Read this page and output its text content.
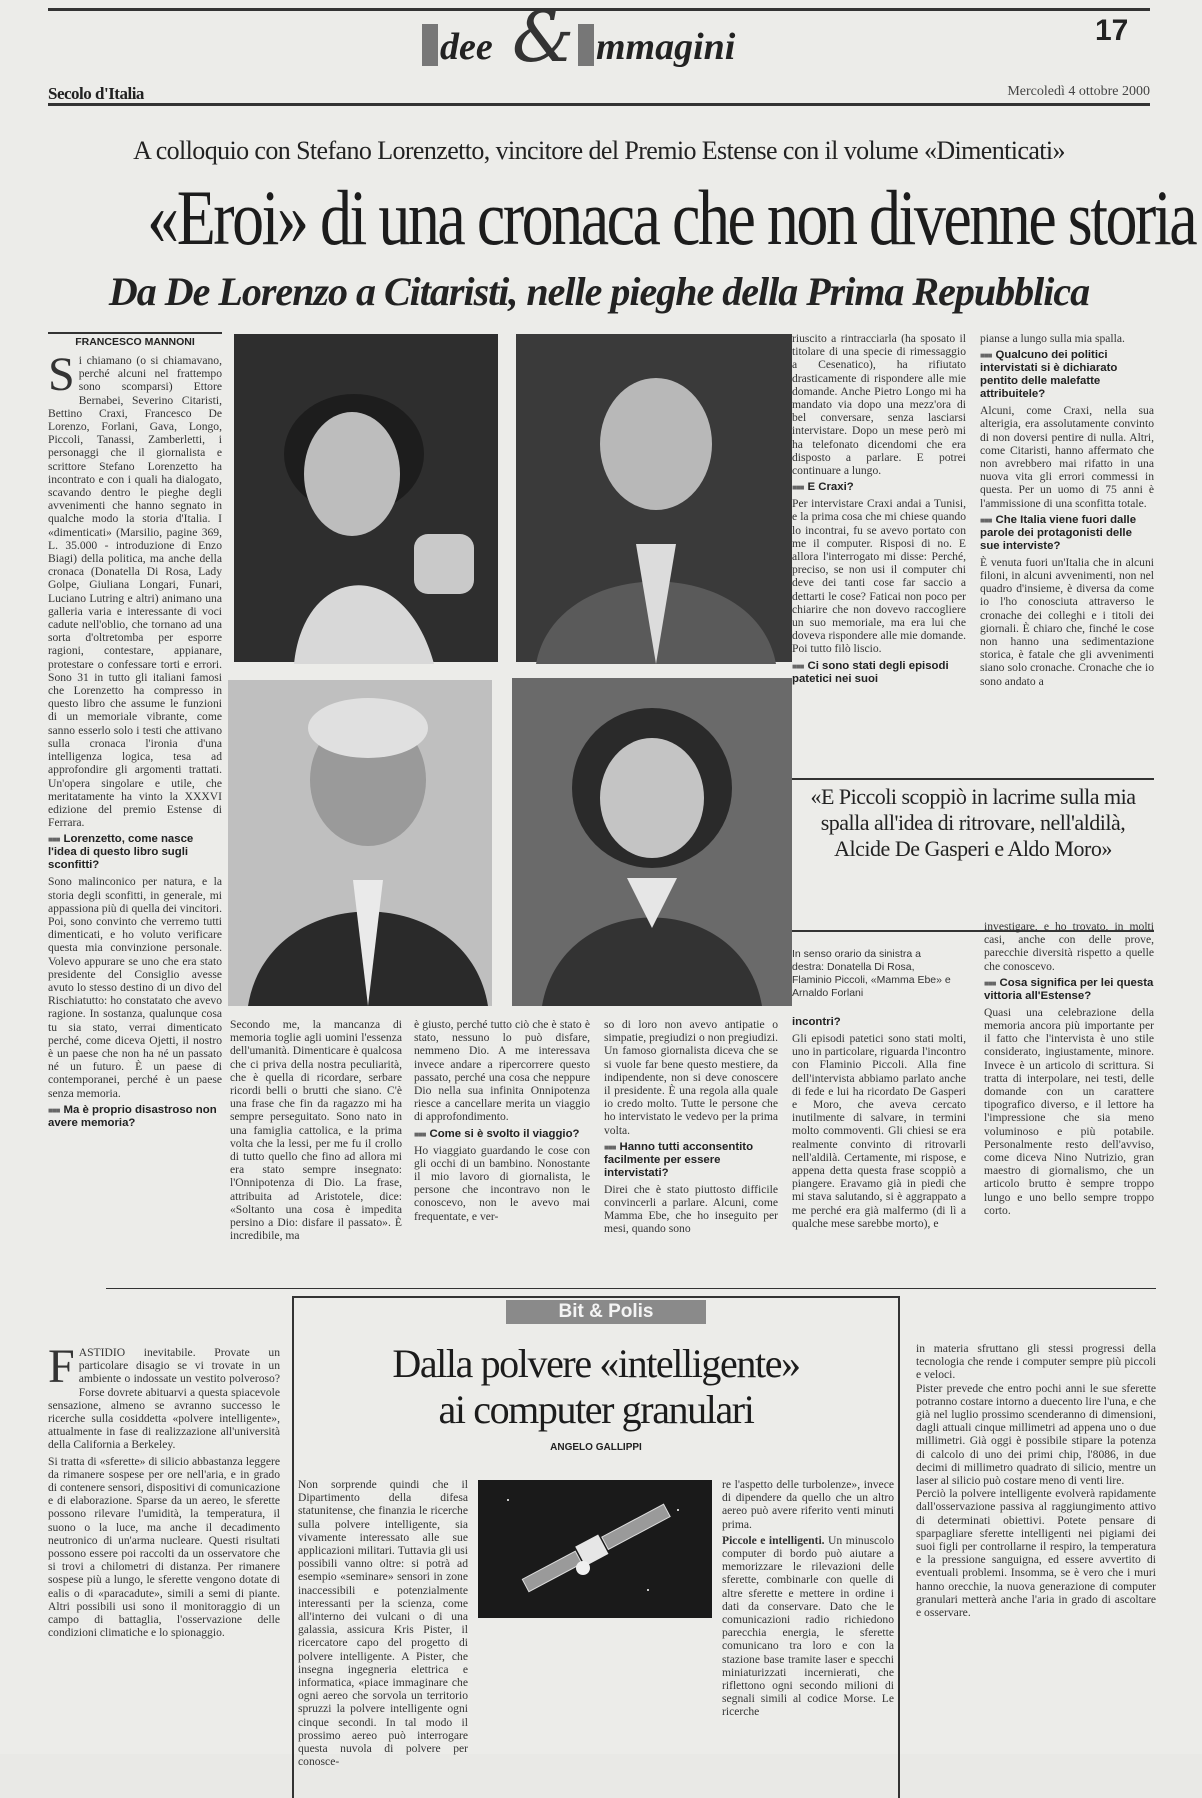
dee & mmagini	17
Secolo d'Italia	Mercoledì 4 ottobre 2000
A colloquio con Stefano Lorenzetto, vincitore del Premio Estense con il volume «Dimenticati»
«Eroi» di una cronaca che non divenne storia
Da De Lorenzo a Citaristi, nelle pieghe della Prima Repubblica
FRANCESCO MANNONI

Si chiamano (o si chiamavano, perché alcuni nel frattempo sono scomparsi) Ettore Bernabei, Severino Citaristi, Bettino Craxi, Francesco De Lorenzo, Forlani, Gava, Longo, Piccoli, Tanassi, Zamberletti, i personaggi che il giornalista e scrittore Stefano Lorenzetto ha incontrato e con i quali ha dialogato, scavando dentro le pieghe degli avvenimenti che hanno segnato in qualche modo la storia d'Italia. I «dimenticati» (Marsilio, pagine 369, L. 35.000 - introduzione di Enzo Biagi) della politica, ma anche della cronaca (Donatella Di Rosa, Lady Golpe, Giuliana Longari, Funari, Luciano Lutring e altri) animano una galleria varia e interessante di voci cadute nell'oblio, che tornano ad una sorta d'oltretomba per esporre ragioni, contestare, appianare, protestare o confessare torti e errori. Sono 31 in tutto gli italiani famosi che Lorenzetto ha compresso in questo libro che assume le funzioni di un memoriale vibrante, come sanno esserlo solo i testi che attivano sulla cronaca l'ironia d'una intelligenza logica, tesa ad approfondire gli argomenti trattati. Un'opera singolare e utile, che meritatamente ha vinto la XXXVI edizione del premio Estense di Ferrara.

■■■ Lorenzetto, come nasce l'idea di questo libro sugli sconfitti?

Sono malinconico per natura, e la storia degli sconfitti, in generale, mi appassiona più di quella dei vincitori. Poi, sono convinto che verremo tutti dimenticati, e ho voluto verificare questa mia convinzione personale. Volevo appurare se uno che era stato presidente del Consiglio avesse avuto lo stesso destino di un divo del Rischiatutto: ho constatato che avevo ragione. In sostanza, qualunque cosa tu sia stato, verrai dimenticato perché, come diceva Ojetti, il nostro è un paese che non ha né un passato né un futuro. È un paese di contemporanei, perché è un paese senza memoria.

■■■ Ma è proprio disastroso non avere memoria?

Secondo me, la mancanza di memoria toglie agli uomini l'essenza dell'umanità. Dimenticare è qualcosa che ci priva della nostra peculiarità, che è quella di ricordare, serbare ricordi belli o brutti che siano. C'è una frase che fin da ragazzo mi ha sempre perseguitato. Sono nato in una famiglia cattolica, e la prima volta che la lessi, per me fu il crollo di tutto quello che fino ad allora mi era stato sempre insegnato: l'Onnipotenza di Dio. La frase, attribuita ad Aristotele, dice: «Soltanto una cosa è impedita persino a Dio: disfare il passato». È incredibile, ma

è giusto, perché tutto ciò che è stato è stato, nessuno lo può disfare, nemmeno Dio. A me interessava invece andare a ripercorrere questo passato, perché una cosa che neppure Dio nella sua infinita Onnipotenza riesce a cancellare merita un viaggio di approfondimento.

■■■ Come si è svolto il viaggio?

Ho viaggiato guardando le cose con gli occhi di un bambino. Nonostante il mio lavoro di giornalista, le persone che incontravo non le conoscevo, non le avevo mai frequentate, e ver-

so di loro non avevo antipatie o simpatie, pregiudizi o non pregiudizi. Un famoso giornalista diceva che se si vuole far bene questo mestiere, da indipendente, non si deve conoscere il presidente. È una regola alla quale io credo molto. Tutte le persone che ho intervistato le vedevo per la prima volta.

■■■ Hanno tutti acconsentito facilmente per essere intervistati?

Direi che è stato piuttosto difficile convincerli a parlare. Alcuni, come Mamma Ebe, che ho inseguito per mesi, quando sono

riuscito a rintracciarla (ha sposato il titolare di una specie di rimessaggio a Cesenatico), ha rifiutato drasticamente di rispondere alle mie domande. Anche Pietro Longo mi ha mandato via dopo una mezz'ora di bel conversare, senza lasciarsi intervistare. Dopo un mese però mi ha telefonato dicendomi che era disposto a parlare. E potrei continuare a lungo.

■■■ E Craxi?

Per intervistare Craxi andai a Tunisi, e la prima cosa che mi chiese quando lo incontrai, fu se avevo portato con me il computer. Risposi di no. E allora l'interrogato mi disse: Perché, preciso, se non usi il computer chi deve dei tanti cose far saccio a dettarti le cose? Faticai non poco per chiarire che non dovevo raccogliere un suo memoriale, ma era lui che doveva rispondere alle mie domande. Poi tutto filò liscio.

■■■ Ci sono stati degli episodi patetici nei suoi

pianse a lungo sulla mia spalla.

■■■ Qualcuno dei politici intervistati si è dichiarato pentito delle malefatte attribuitele?

Alcuni, come Craxi, nella sua alterigia, era assolutamente convinto di non doversi pentire di nulla. Altri, come Citaristi, hanno affermato che non avrebbero mai rifatto in una nuova vita gli errori commessi in questa. Per un uomo di 75 anni è l'ammissione di una sconfitta totale.

■■■ Che Italia viene fuori dalle parole dei protagonisti delle sue interviste?

È venuta fuori un'Italia che in alcuni filoni, in alcuni avvenimenti, non nel quadro d'insieme, è diversa da come io l'ho conosciuta attraverso le cronache dei colleghi e i titoli dei giornali. È chiaro che, finché le cose non hanno una sedimentazione storica, è fatale che gli avvenimenti siano solo cronache. Cronache che io sono andato a

«E Piccoli scoppiò in lacrime sulla mia spalla all'idea di ritrovare, nell'aldilà, Alcide De Gasperi e Aldo Moro»
In senso orario da sinistra a destra: Donatella Di Rosa, Flaminio Piccoli, «Mamma Ebe» e Arnaldo Forlani

incontri?

Gli episodi patetici sono stati molti, uno in particolare, riguarda l'incontro con Flaminio Piccoli. Alla fine dell'intervista abbiamo parlato anche di fede e lui ha ricordato De Gasperi e Moro, che aveva cercato inutilmente di salvare, in termini molto commoventi. Gli chiesi se era realmente convinto di ritrovarli nell'aldilà. Certamente, mi rispose, e appena detta questa frase scoppiò a piangere. Eravamo già in piedi che mi stava salutando, si è aggrappato a me perché era già malfermo (di lì a qualche mese sarebbe morto), e

investigare, e ho trovato, in molti casi, anche con delle prove, parecchie diversità rispetto a quelle che conoscevo.

■■■ Cosa significa per lei questa vittoria all'Estense?

Quasi una celebrazione della memoria ancora più importante per il fatto che l'intervista è uno stile considerato, ingiustamente, minore. Invece è un articolo di scrittura. Si tratta di interpolare, nei testi, delle domande con un carattere tipografico diverso, e il lettore ha l'impressione che sia meno voluminoso e più potabile. Personalmente resto dell'avviso, come diceva Nino Nutrizio, gran maestro di giornalismo, che un articolo brutto è sempre troppo lungo e uno bello sempre troppo corto.

Bit & Polis
Dalla polvere «intelligente»
ai computer granulari
ANGELO GALLIPPI

FASTIDIO inevitabile. Provate un particolare disagio se vi trovate in un ambiente o indossate un vestito polveroso? Forse dovrete abituarvi a questa spiacevole sensazione, almeno se avranno successo le ricerche sulla cosiddetta «polvere intelligente», attualmente in fase di realizzazione all'università della California a Berkeley.

Si tratta di «sferette» di silicio abbastanza leggere da rimanere sospese per ore nell'aria, e in grado di contenere sensori, dispositivi di comunicazione e di elaborazione. Sparse da un aereo, le sferette possono rilevare l'umidità, la temperatura, il suono o la luce, ma anche il decadimento neutronico di un'arma nucleare. Questi risultati possono essere poi raccolti da un osservatore che si trovi a chilometri di distanza. Per rimanere sospese più a lungo, le sferette vengono dotate di ealis o di «paracadute», simili a semi di piante. Altri possibili usi sono il monitoraggio di un campo di battaglia, l'osservazione delle condizioni climatiche e lo spionaggio.

Non sorprende quindi che il Dipartimento della difesa statunitense, che finanzia le ricerche sulla polvere intelligente, sia vivamente interessato alle sue applicazioni militari. Tuttavia gli usi possibili vanno oltre: si potrà ad esempio «seminare» sensori in zone inaccessibili e potenzialmente interessanti per la scienza, come all'interno dei vulcani o di una galassia, assicura Kris Pister, il ricercatore capo del progetto di polvere intelligente. A Pister, che insegna ingegneria elettrica e informatica, «piace immaginare che ogni aereo che sorvola un territorio spruzzi la polvere intelligente ogni cinque secondi. In tal modo il prossimo aereo può interrogare questa nuvola di polvere per conosce-

re l'aspetto delle turbolenze», invece di dipendere da quello che un altro aereo può avere riferito venti minuti prima.

Piccole e intelligenti. Un minuscolo computer di bordo può aiutare a memorizzare le rilevazioni delle sferette, combinarle con quelle di altre sferette e mettere in ordine i dati da conservare. Dato che le comunicazioni radio richiedono parecchia energia, le sferette comunicano tra loro e con la stazione base tramite laser e specchi miniaturizzati incernierati, che riflettono ogni secondo milioni di segnali simili al codice Morse. Le ricerche

in materia sfruttano gli stessi progressi della tecnologia che rende i computer sempre più piccoli e veloci.
Pister prevede che entro pochi anni le sue sferette potranno costare intorno a duecento lire l'una, e che già nel luglio prossimo scenderanno di dimensioni, dagli attuali cinque millimetri ad appena uno o due millimetri. Già oggi è possibile stipare la potenza di calcolo di uno dei primi chip, l'8086, in due decimi di millimetro quadrato di silicio, mentre un laser al silicio può costare meno di venti lire.
Perciò la polvere intelligente evolverà rapidamente dall'osservazione passiva al raggiungimento attivo di determinati obiettivi. Potete pensare di sparpagliare sferette intelligenti nei pigiami dei suoi figli per controllarne il respiro, la temperatura e la pressione sanguigna, ed essere avvertito di eventuali problemi. Insomma, se è vero che i muri hanno orecchie, la nuova generazione di computer granulari metterà anche l'aria in grado di ascoltare e osservare.
